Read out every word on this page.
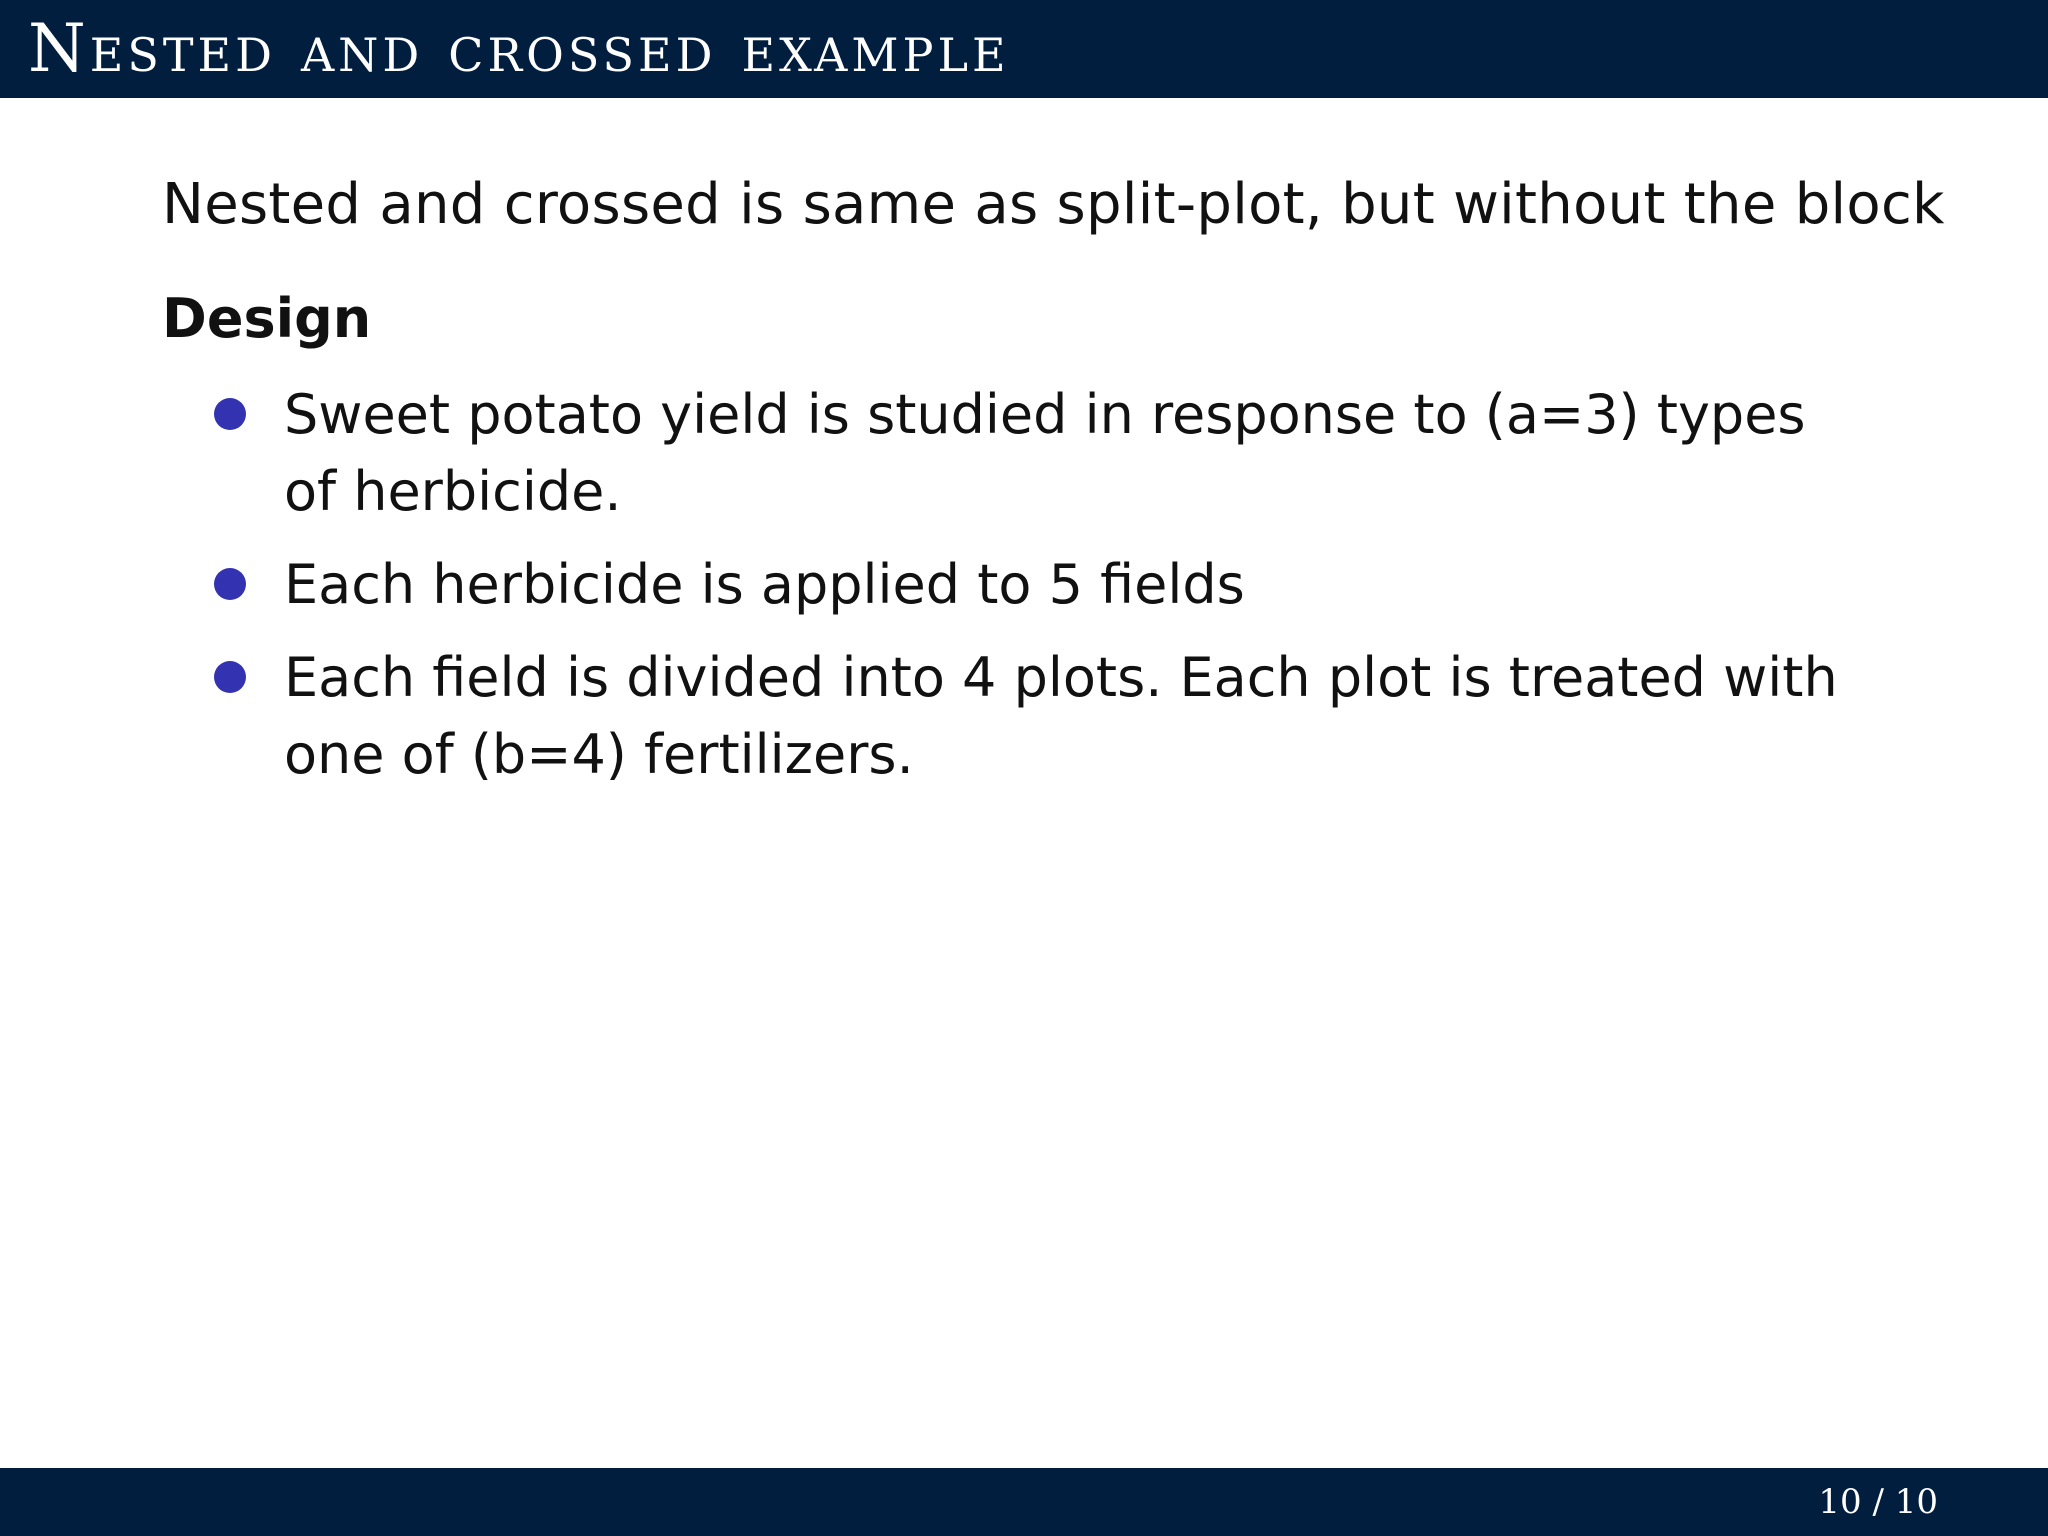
Nested and crossed example

Nested and crossed is same as split-plot, but without the block

Design
Sweet potato yield is studied in response to (a=3) types of herbicide.
Each herbicide is applied to 5 fields
Each field is divided into 4 plots. Each plot is treated with one of (b=4) fertilizers.
10 / 10
